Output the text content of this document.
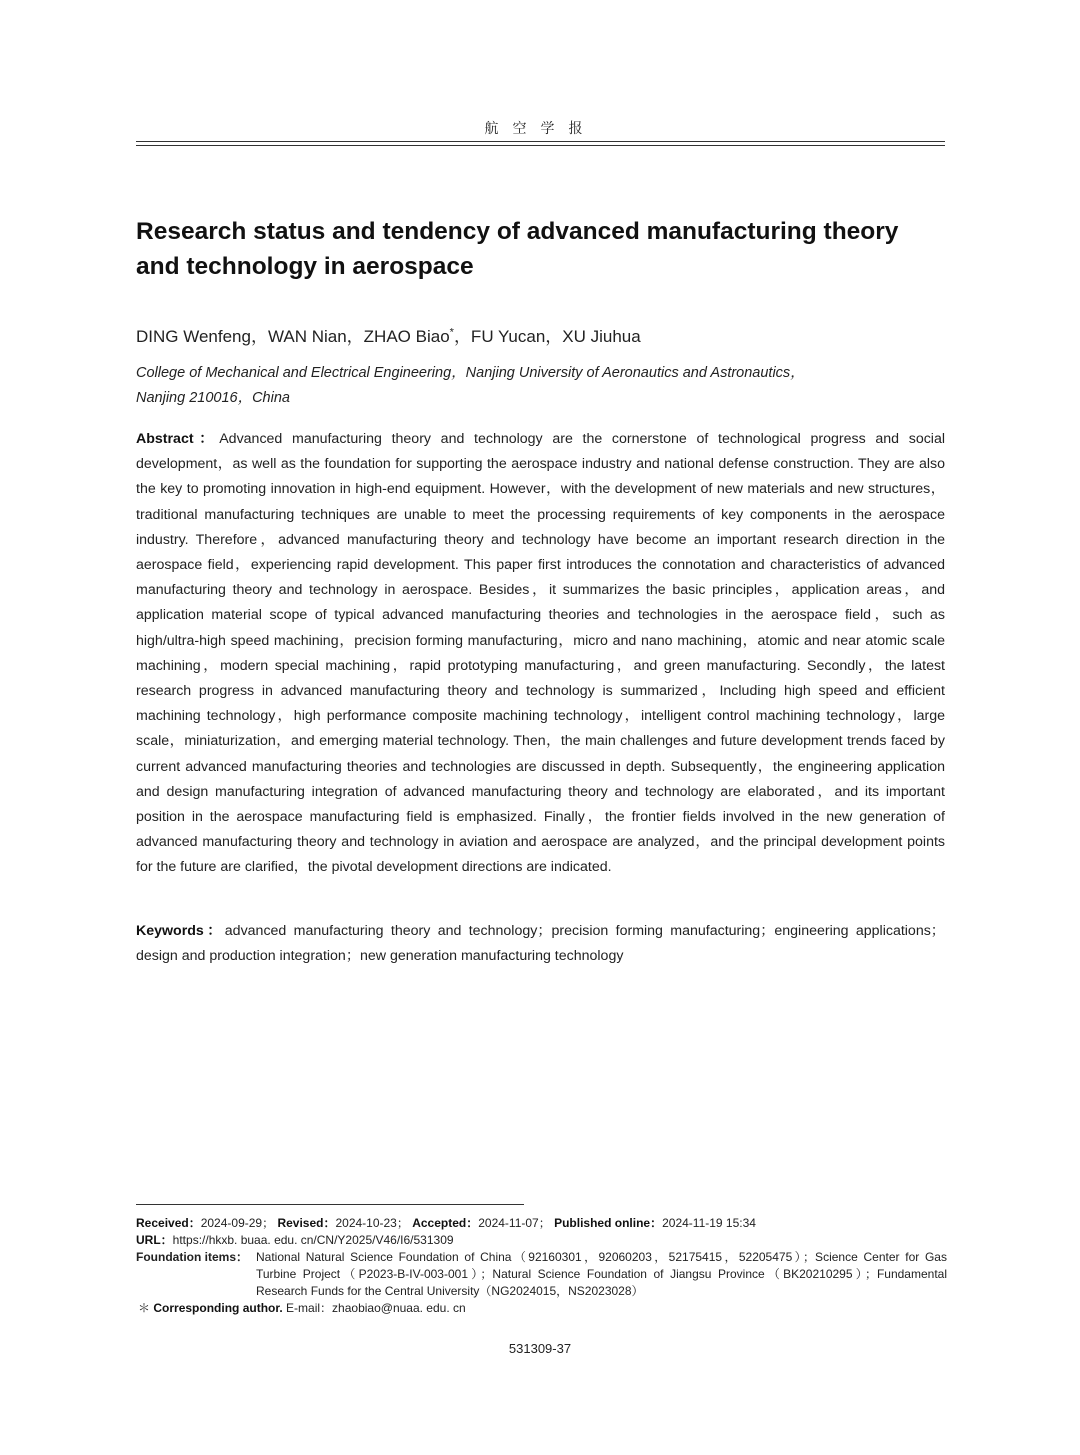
航空学报
Research status and tendency of advanced manufacturing theory and technology in aerospace
DING Wenfeng，WAN Nian，ZHAO Biao*，FU Yucan，XU Jiuhua
College of Mechanical and Electrical Engineering，Nanjing University of Aeronautics and Astronautics，
Nanjing 210016，China
Abstract：Advanced manufacturing theory and technology are the cornerstone of technological progress and social development，as well as the foundation for supporting the aerospace industry and national defense construction. They are also the key to promoting innovation in high-end equipment. However，with the development of new materials and new structures，traditional manufacturing techniques are unable to meet the processing requirements of key components in the aerospace industry. Therefore，advanced manufacturing theory and technology have become an important research direction in the aerospace field，experiencing rapid development. This paper first introduces the connotation and characteristics of advanced manufacturing theory and technology in aerospace. Besides，it summarizes the basic principles，application areas，and application material scope of typical advanced manufacturing theories and technologies in the aerospace field，such as high/ultra-high speed machining，precision forming manufacturing，micro and nano machining，atomic and near atomic scale machining，modern special machining，rapid prototyping manufacturing，and green manufacturing. Secondly，the latest research progress in advanced manufacturing theory and technology is summarized，Including high speed and efficient machining technology，high performance composite machining technology，intelligent control machining technology，large scale，miniaturization，and emerging material technology. Then，the main challenges and future development trends faced by current advanced manufacturing theories and technologies are discussed in depth. Subsequently，the engineering application and design manufacturing integration of advanced manufacturing theory and technology are elaborated，and its important position in the aerospace manufacturing field is emphasized. Finally，the frontier fields involved in the new generation of advanced manufacturing theory and technology in aviation and aerospace are analyzed，and the principal development points for the future are clarified，the pivotal development directions are indicated.
Keywords：advanced manufacturing theory and technology；precision forming manufacturing；engineering applications；design and production integration；new generation manufacturing technology
Received：2024-09-29； Revised：2024-10-23； Accepted：2024-11-07； Published online：2024-11-19 15:34
URL：https://hkxb. buaa. edu. cn/CN/Y2025/V46/I6/531309
Foundation items： National Natural Science Foundation of China（92160301，92060203，52175415，52205475）；Science Center for Gas Turbine Project（P2023-B-IV-003-001）；Natural Science Foundation of Jiangsu Province（BK20210295）；Fundamental Research Funds for the Central University（NG2024015，NS2023028）
＊ Corresponding author. E-mail：zhaobiao@nuaa. edu. cn
531309-37
